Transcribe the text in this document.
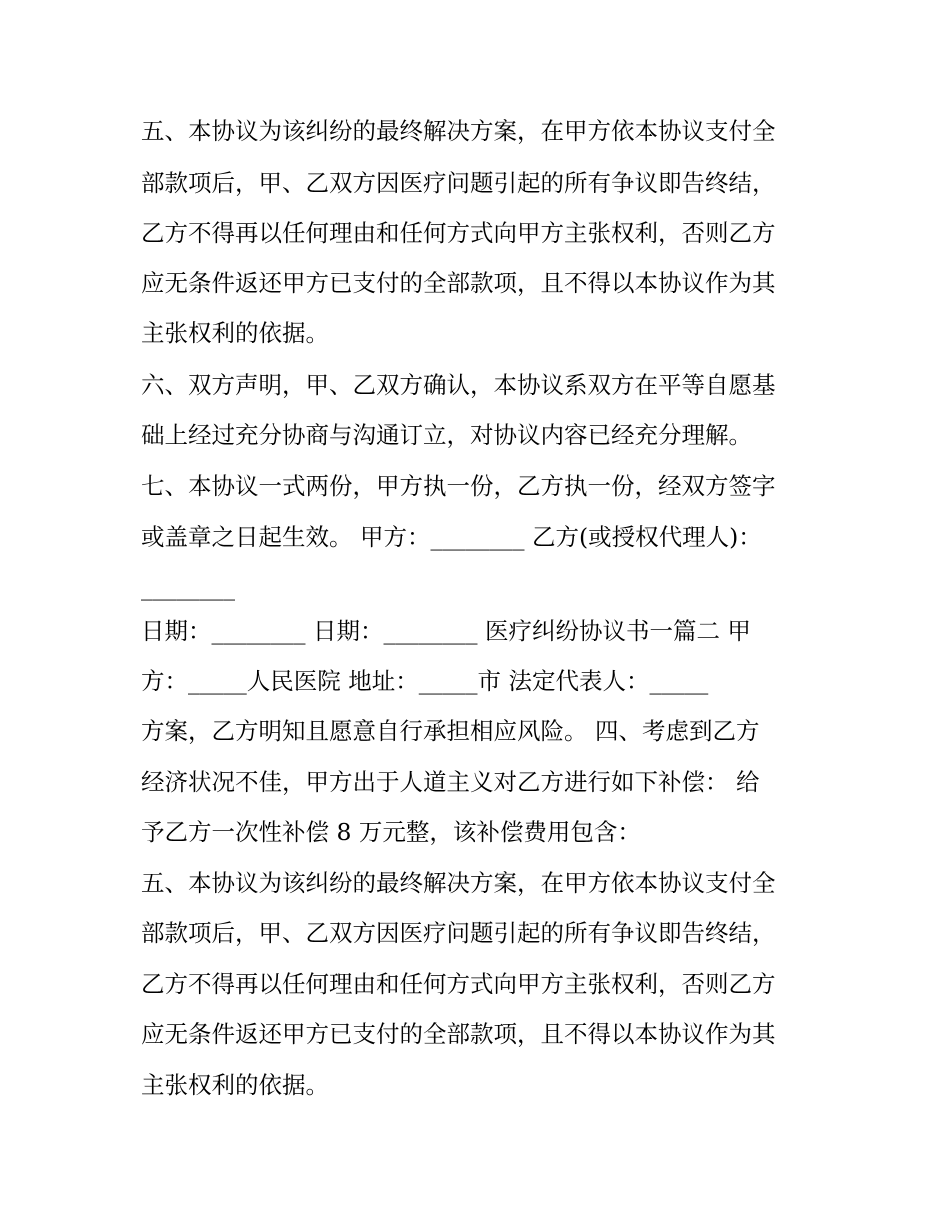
五、本协议为该纠纷的最终解决方案，在甲方依本协议支付全

部款项后，甲、乙双方因医疗问题引起的所有争议即告终结，

乙方不得再以任何理由和任何方式向甲方主张权利，否则乙方

应无条件返还甲方已支付的全部款项，且不得以本协议作为其

主张权利的依据。

六、双方声明，甲、乙双方确认，本协议系双方在平等自愿基

础上经过充分协商与沟通订立，对协议内容已经充分理解。

七、本协议一式两份，甲方执一份，乙方执一份，经双方签字

或盖章之日起生效。 甲方：________ 乙方(或授权代理人)：

________

日期：________ 日期：________ 医疗纠纷协议书一篇二 甲

方：_____人民医院 地址：_____市 法定代表人：_____

方案，乙方明知且愿意自行承担相应风险。 四、考虑到乙方

经济状况不佳，甲方出于人道主义对乙方进行如下补偿： 给

予乙方一次性补偿 8 万元整，该补偿费用包含：

五、本协议为该纠纷的最终解决方案，在甲方依本协议支付全

部款项后，甲、乙双方因医疗问题引起的所有争议即告终结，

乙方不得再以任何理由和任何方式向甲方主张权利，否则乙方

应无条件返还甲方已支付的全部款项，且不得以本协议作为其

主张权利的依据。
